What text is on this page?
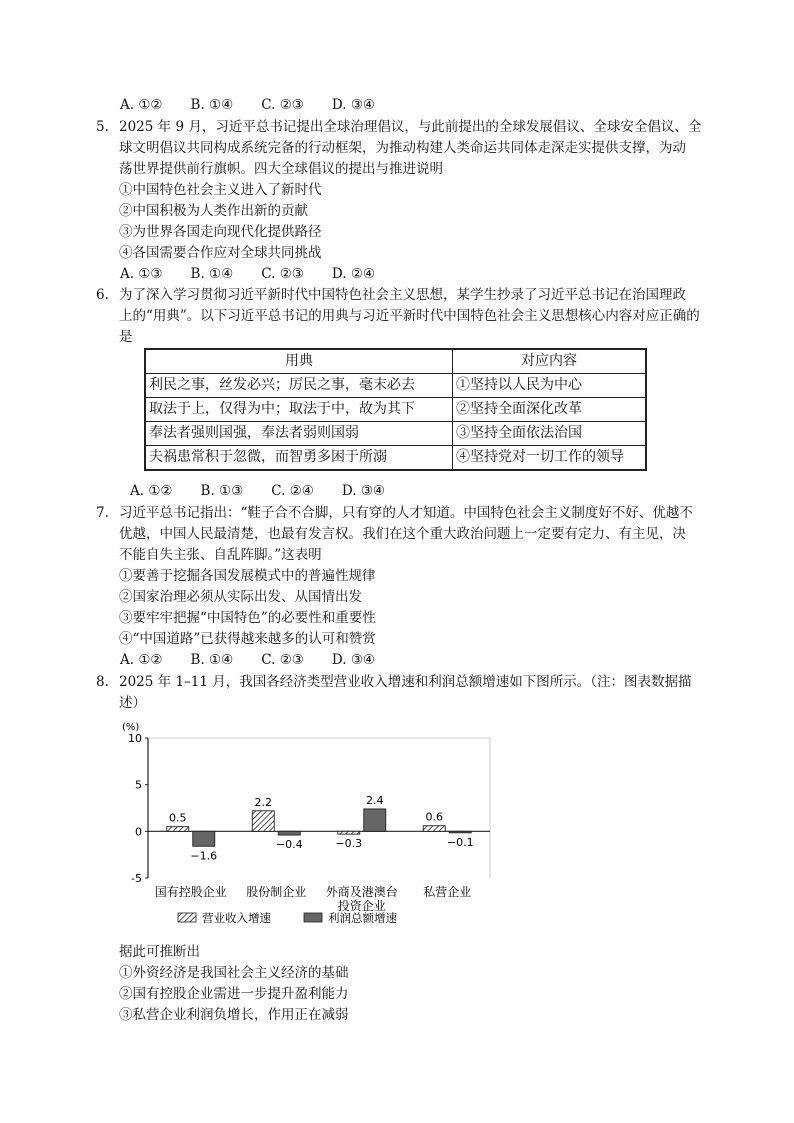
A. ①② B. ①④ C. ②③ D. ③④
5. 2025 年 9 月，习近平总书记提出全球治理倡议，与此前提出的全球发展倡议、全球安全倡议、全
球文明倡议共同构成系统完备的行动框架，为推动构建人类命运共同体走深走实提供支撑，为动
荡世界提供前行旗帜。四大全球倡议的提出与推进说明
①中国特色社会主义进入了新时代
②中国积极为人类作出新的贡献
③为世界各国走向现代化提供路径
④各国需要合作应对全球共同挑战
A. ①③ B. ①④ C. ②③ D. ②④
6. 为了深入学习贯彻习近平新时代中国特色社会主义思想，某学生抄录了习近平总书记在治国理政
上的“用典”。以下习近平总书记的用典与习近平新时代中国特色社会主义思想核心内容对应正确的
是
用典	对应内容
利民之事，丝发必兴；厉民之事，毫末必去	①坚持以人民为中心
取法于上，仅得为中；取法于中，故为其下	②坚持全面深化改革
奉法者强则国强，奉法者弱则国弱	③坚持全面依法治国
夫祸患常积于忽微，而智勇多困于所溺	④坚持党对一切工作的领导
A. ①② B. ①③ C. ②④ D. ③④
7. 习近平总书记指出：“鞋子合不合脚，只有穿的人才知道。中国特色社会主义制度好不好、优越不
优越，中国人民最清楚，也最有发言权。我们在这个重大政治问题上一定要有定力、有主见，决
不能自失主张、自乱阵脚。”这表明
①要善于挖掘各国发展模式中的普遍性规律
②国家治理必须从实际出发、从国情出发
③要牢牢把握“中国特色”的必要性和重要性
④“中国道路”已获得越来越多的认可和赞赏
A. ①② B. ①④ C. ②③ D. ③④
8. 2025 年 1–11 月，我国各经济类型营业收入增速和利润总额增速如下图所示。（注：图表数据描
述）
(%)
10
5
0
-5
0.5
−1.6
国有控股企业
2.2
−0.4
股份制企业
−0.3
2.4
外商及港澳台
投资企业
0.6
−0.1
私营企业
营业收入增速	利润总额增速
据此可推断出
①外资经济是我国社会主义经济的基础
②国有控股企业需进一步提升盈利能力
③私营企业利润负增长，作用正在减弱
